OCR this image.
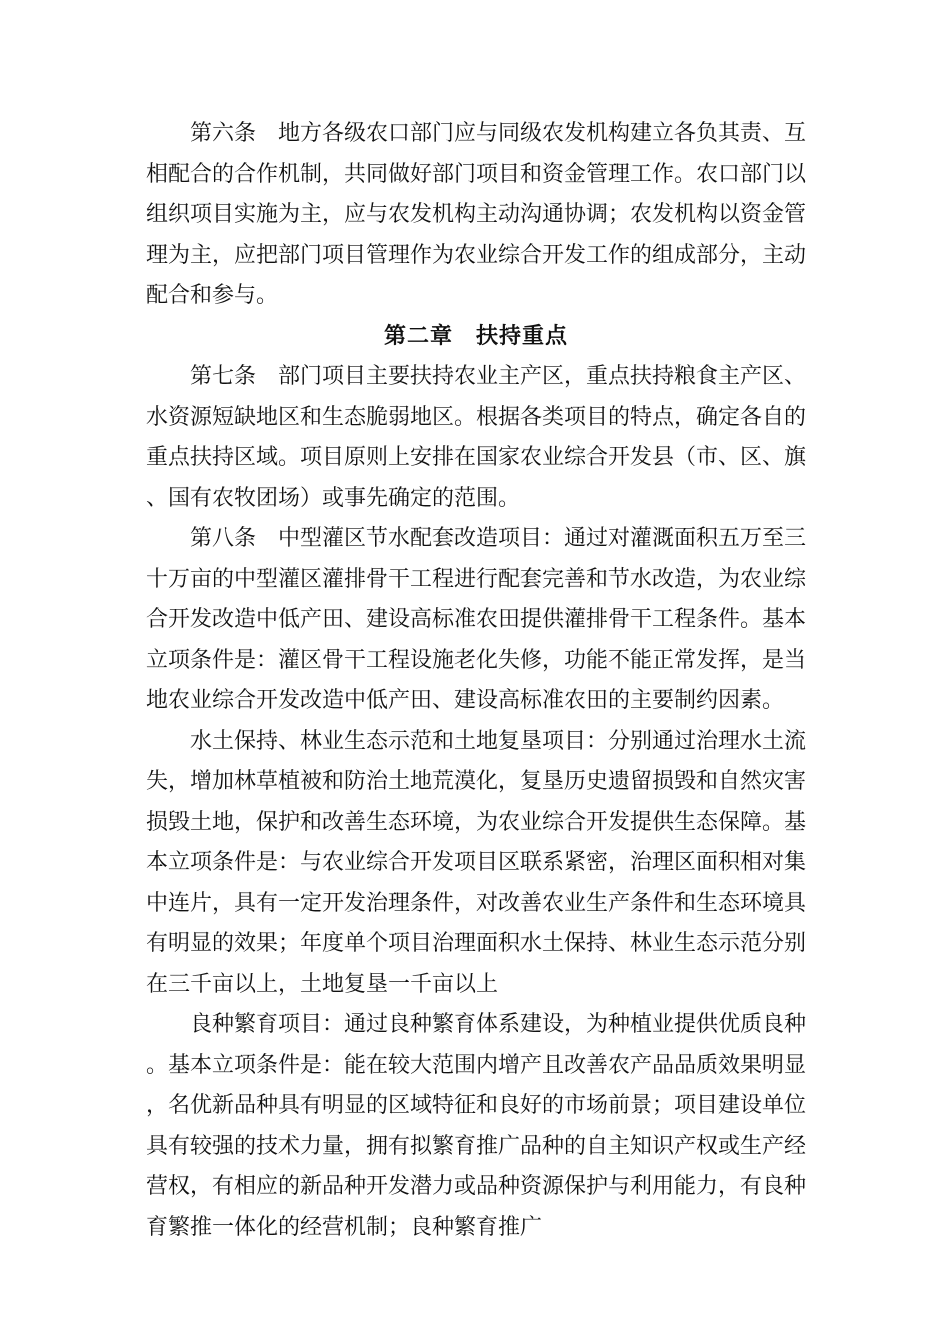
第六条　地方各级农口部门应与同级农发机构建立各负其责、互相配合的合作机制，共同做好部门项目和资金管理工作。农口部门以组织项目实施为主，应与农发机构主动沟通协调；农发机构以资金管理为主，应把部门项目管理作为农业综合开发工作的组成部分，主动配合和参与。

第二章　扶持重点

第七条　部门项目主要扶持农业主产区，重点扶持粮食主产区、水资源短缺地区和生态脆弱地区。根据各类项目的特点，确定各自的重点扶持区域。项目原则上安排在国家农业综合开发县（市、区、旗、国有农牧团场）或事先确定的范围。

第八条　中型灌区节水配套改造项目：通过对灌溉面积五万至三十万亩的中型灌区灌排骨干工程进行配套完善和节水改造，为农业综合开发改造中低产田、建设高标准农田提供灌排骨干工程条件。基本立项条件是：灌区骨干工程设施老化失修，功能不能正常发挥，是当地农业综合开发改造中低产田、建设高标准农田的主要制约因素。

水土保持、林业生态示范和土地复垦项目：分别通过治理水土流失，增加林草植被和防治土地荒漠化，复垦历史遗留损毁和自然灾害损毁土地，保护和改善生态环境，为农业综合开发提供生态保障。基本立项条件是：与农业综合开发项目区联系紧密，治理区面积相对集中连片，具有一定开发治理条件，对改善农业生产条件和生态环境具有明显的效果；年度单个项目治理面积水土保持、林业生态示范分别在三千亩以上，土地复垦一千亩以上

良种繁育项目：通过良种繁育体系建设，为种植业提供优质良种。基本立项条件是：能在较大范围内增产且改善农产品品质效果明显，名优新品种具有明显的区域特征和良好的市场前景；项目建设单位具有较强的技术力量，拥有拟繁育推广品种的自主知识产权或生产经营权，有相应的新品种开发潜力或品种资源保护与利用能力，有良种育繁推一体化的经营机制；良种繁育推广
